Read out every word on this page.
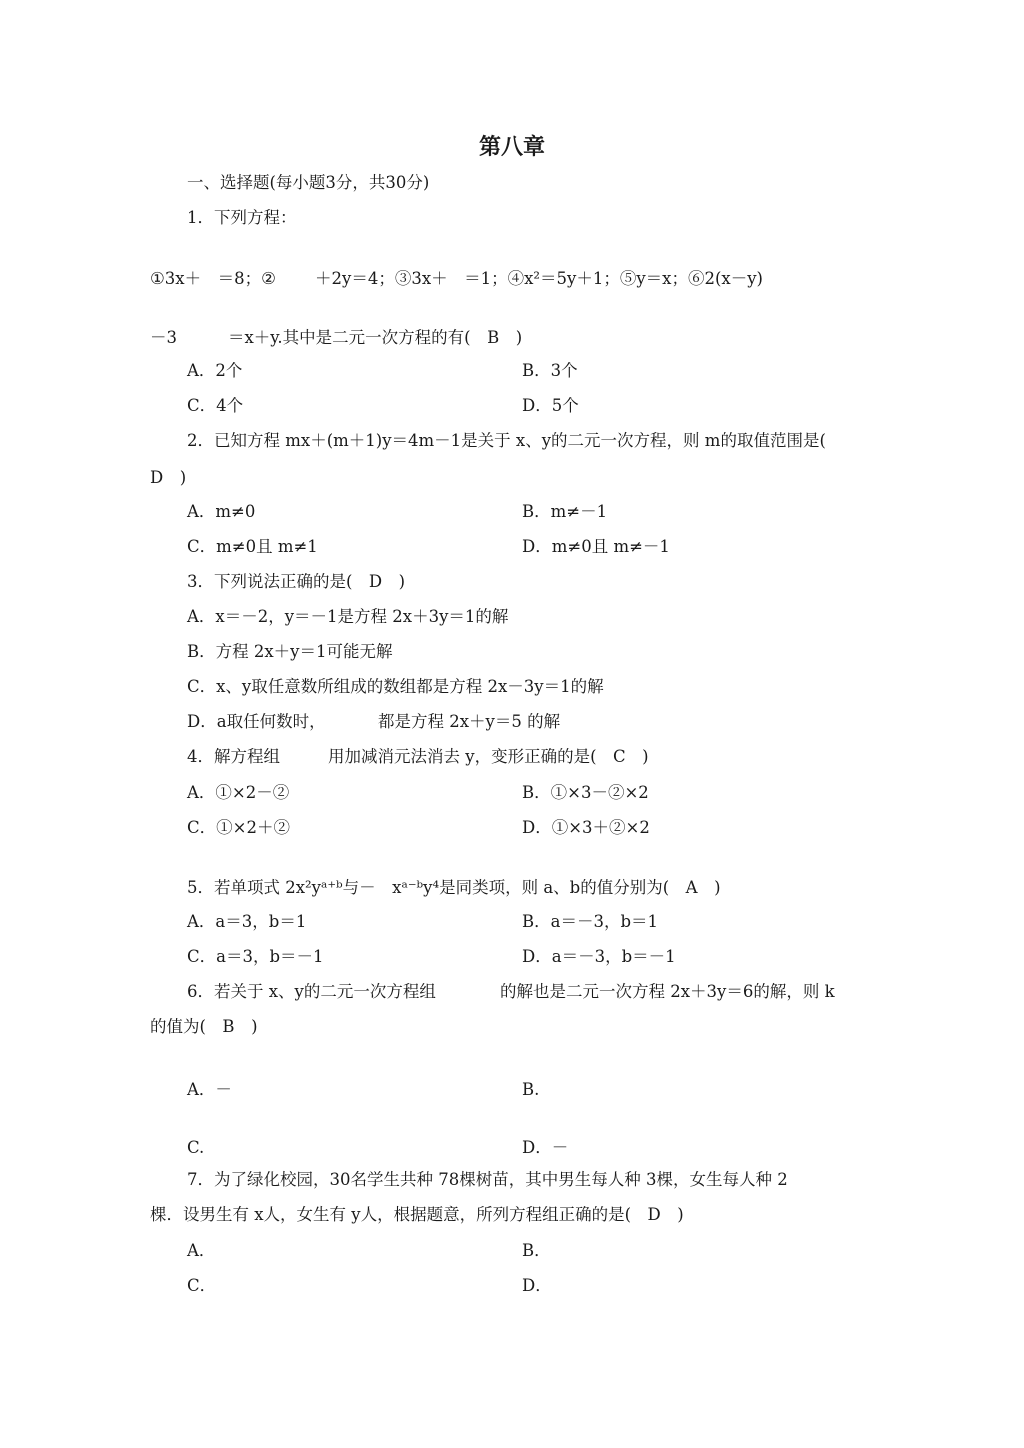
第八章
一、选择题(每小题3分，共30分)
1．下列方程：
①3x＋　＝8；② ＋2y＝4；③3x＋　＝1；④x²＝5y＋1；⑤y＝x；⑥2(x－y)
－3	＝x＋y.其中是二元一次方程的有(　B　)
A．2个	B．3个
C．4个	D．5个
2．已知方程 mx＋(m＋1)y＝4m－1是关于 x、y的二元一次方程，则 m的取值范围是(
D　)
A．m≠0	B．m≠－1
C．m≠0且 m≠1	D．m≠0且 m≠－1
3．下列说法正确的是(　D　)
A．x＝－2，y＝－1是方程 2x＋3y＝1的解
B．方程 2x＋y＝1可能无解
C．x、y取任意数所组成的数组都是方程 2x－3y＝1的解
D．a取任何数时，	都是方程 2x＋y＝5 的解
4．解方程组	用加减消元法消去 y，变形正确的是(　C　)
A．①×2－②	B．①×3－②×2
C．①×2＋②	D．①×3＋②×2
5．若单项式 2x²yᵃ⁺ᵇ与－　xᵃ⁻ᵇy⁴是同类项，则 a、b的值分别为(　A　)
A．a＝3，b＝1	B．a＝－3，b＝1
C．a＝3，b＝－1	D．a＝－3，b＝－1
6．若关于 x、y的二元一次方程组	的解也是二元一次方程 2x＋3y＝6的解，则 k
的值为(　B　)
A．－	B.
C.	D．－
7．为了绿化校园，30名学生共种 78棵树苗，其中男生每人种 3棵，女生每人种 2
棵．设男生有 x人，女生有 y人，根据题意，所列方程组正确的是(　D　)
A．	B．
C．	D．
